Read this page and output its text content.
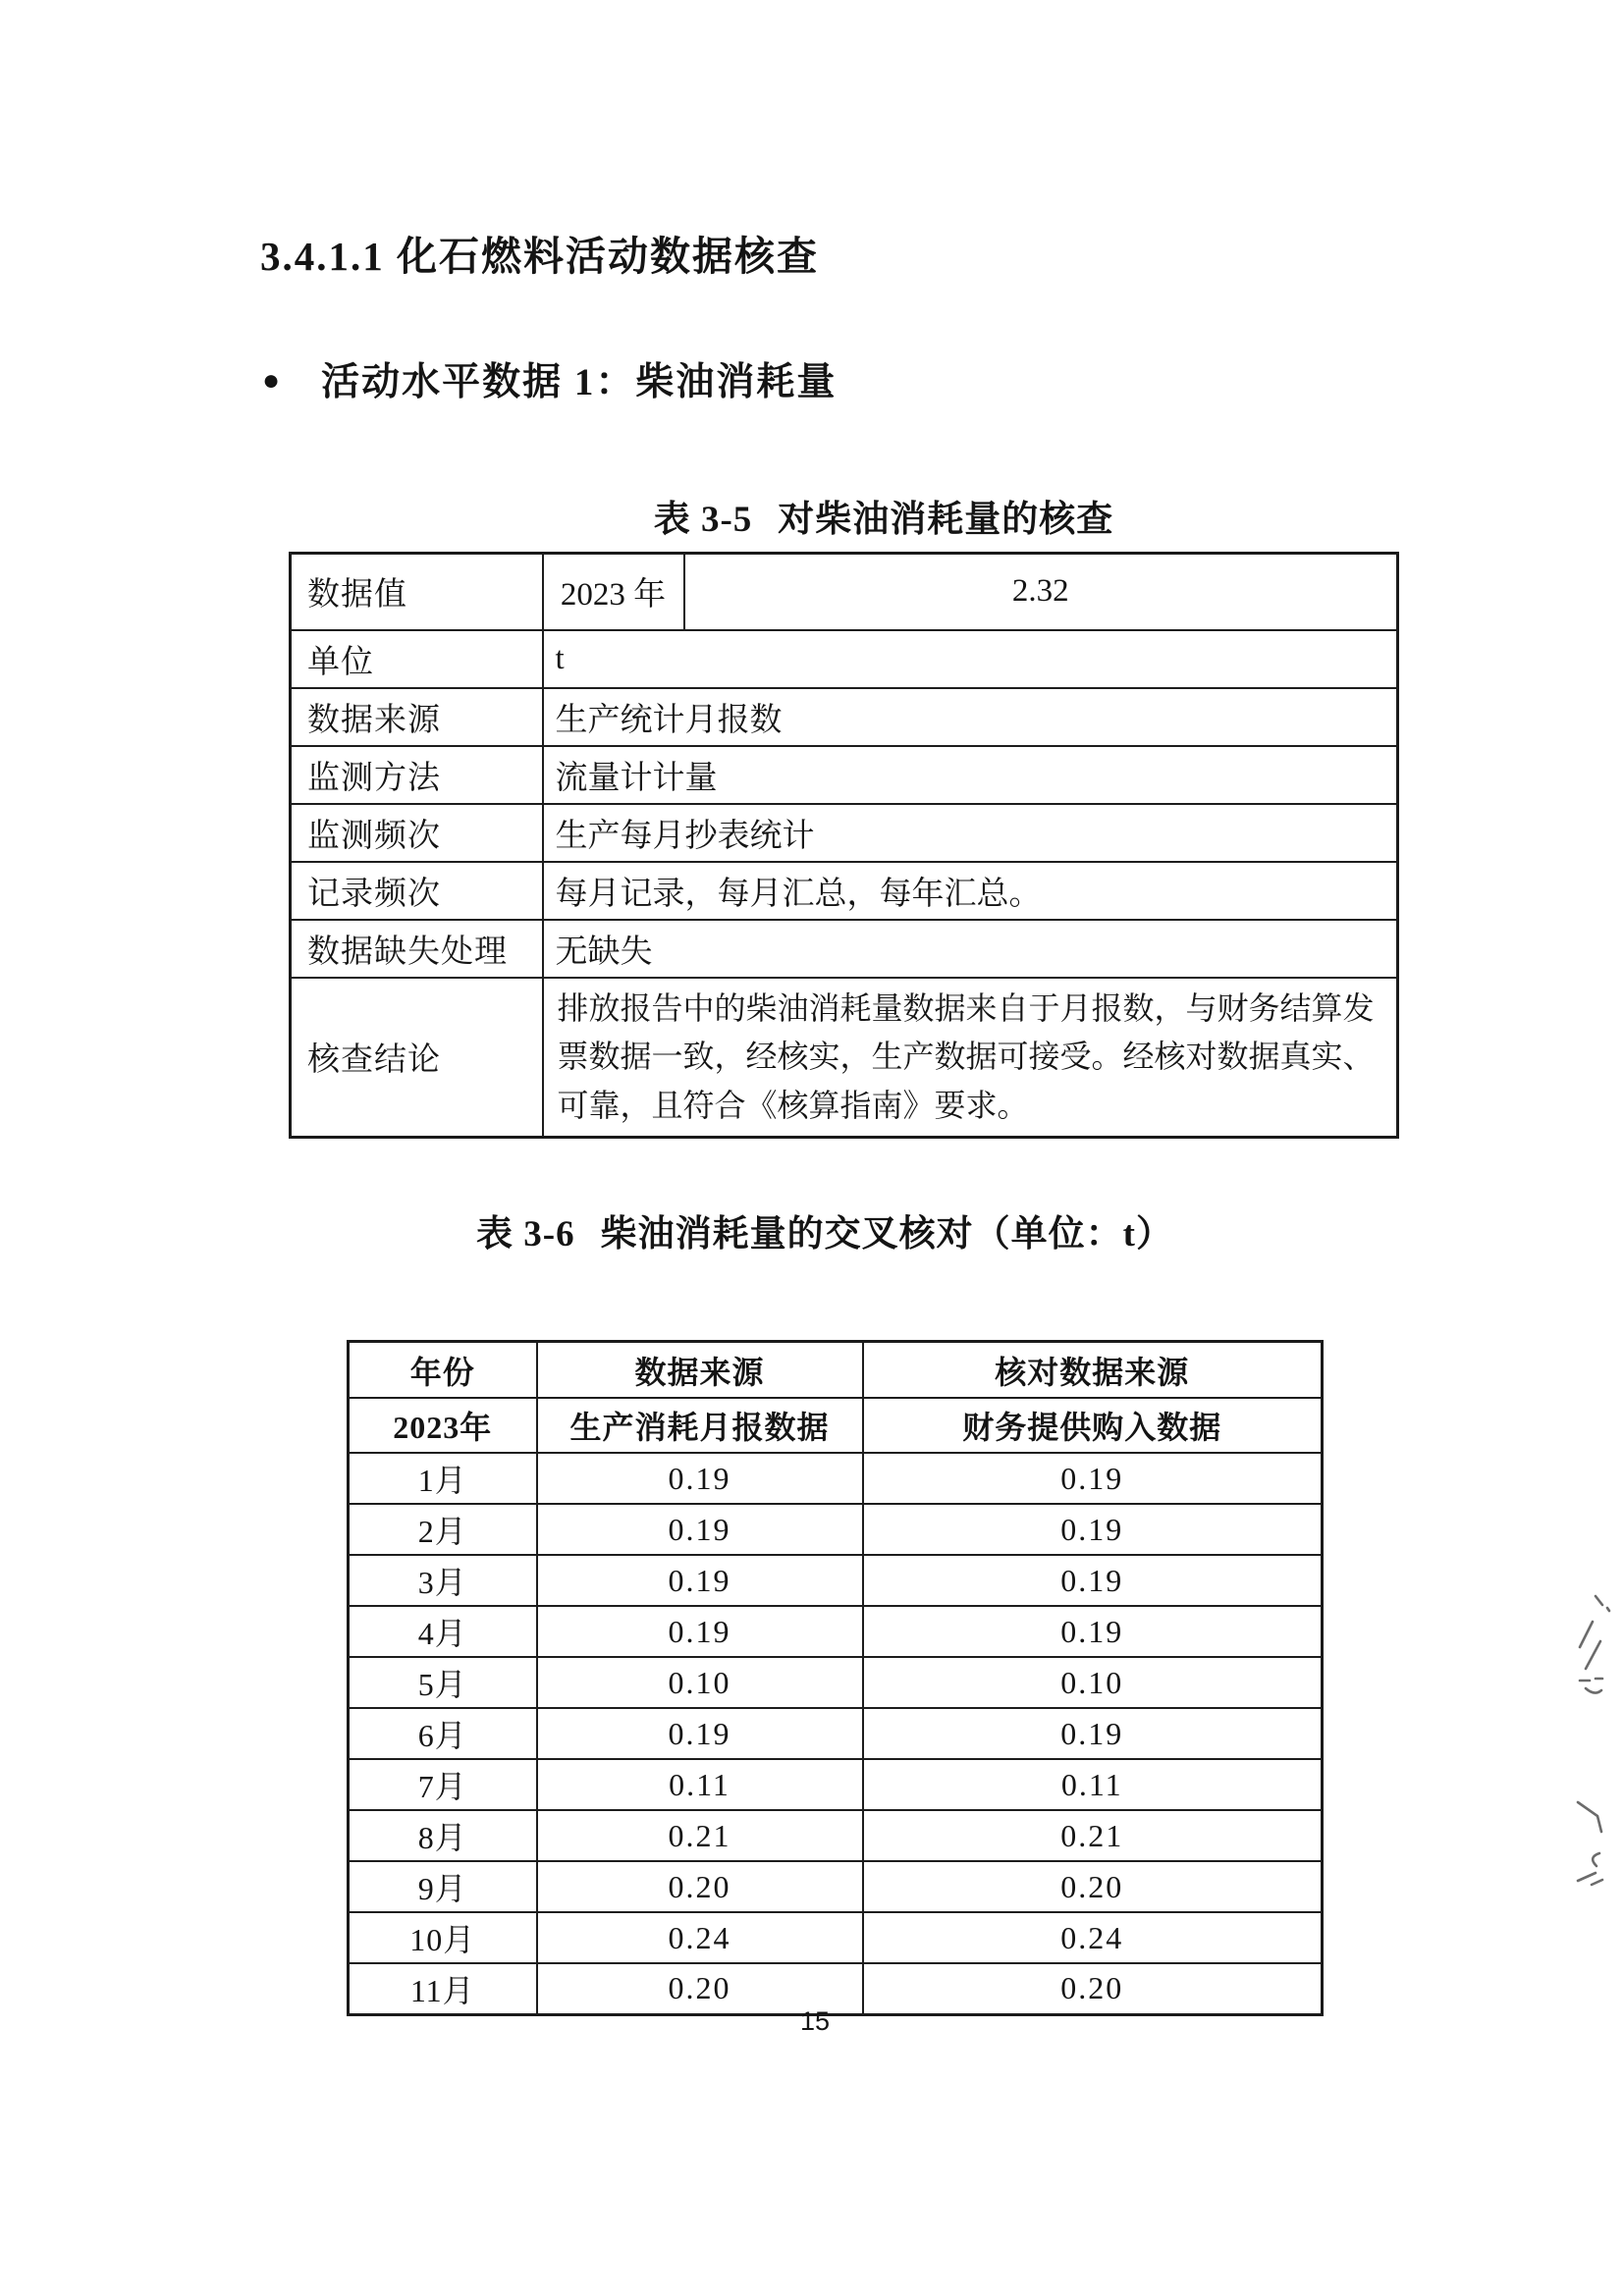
3.4.1.1 化石燃料活动数据核查
● 活动水平数据 1：柴油消耗量
表 3-5 对柴油消耗量的核查
数据值	2023 年	2.32
单位	t	
数据来源	生产统计月报数	
监测方法	流量计计量	
监测频次	生产每月抄表统计	
记录频次	每月记录，每月汇总，每年汇总。	
数据缺失处理	无缺失	
核查结论	排放报告中的柴油消耗量数据来自于月报数，与财务结算发票数据一致，经核实，生产数据可接受。经核对数据真实、可靠，且符合《核算指南》要求。	
表 3-6 柴油消耗量的交叉核对（单位：t）
年份	数据来源	核对数据来源
2023年	生产消耗月报数据	财务提供购入数据
1月	0.19	0.19
2月	0.19	0.19
3月	0.19	0.19
4月	0.19	0.19
5月	0.10	0.10
6月	0.19	0.19
7月	0.11	0.11
8月	0.21	0.21
9月	0.20	0.20
10月	0.24	0.24
11月	0.20	0.20
15
